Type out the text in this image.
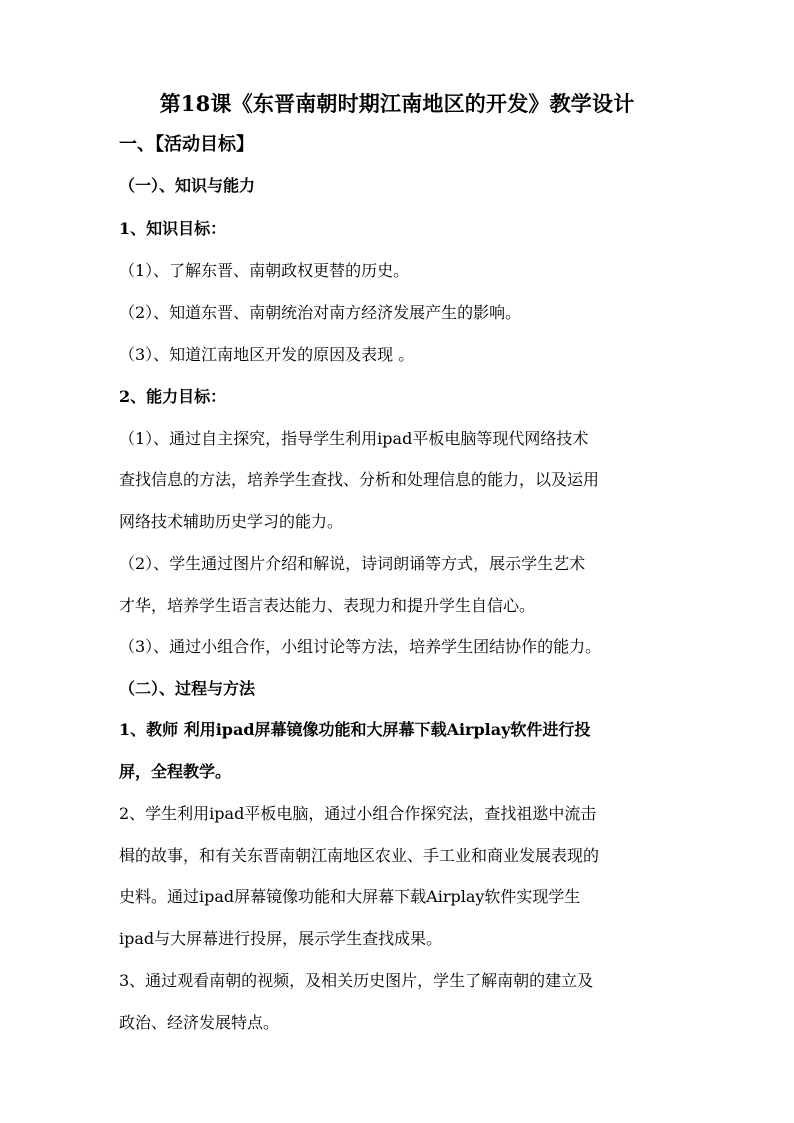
第18课《东晋南朝时期江南地区的开发》教学设计
一、【活动目标】
（一）、知识与能力
1、知识目标：
（1）、了解东晋、南朝政权更替的历史。
（2）、知道东晋、南朝统治对南方经济发展产生的影响。
（3）、知道江南地区开发的原因及表现 。
2、能力目标：
（1）、通过自主探究，指导学生利用ipad平板电脑等现代网络技术
查找信息的方法，培养学生查找、分析和处理信息的能力，以及运用
网络技术辅助历史学习的能力。
（2）、学生通过图片介绍和解说，诗词朗诵等方式，展示学生艺术
才华，培养学生语言表达能力、表现力和提升学生自信心。
（3）、通过小组合作，小组讨论等方法，培养学生团结协作的能力。
（二）、过程与方法
1、教师 利用ipad屏幕镜像功能和大屏幕下载Airplay软件进行投
屏，全程教学。
2、学生利用ipad平板电脑，通过小组合作探究法，查找祖逖中流击
楫的故事，和有关东晋南朝江南地区农业、手工业和商业发展表现的
史料。通过ipad屏幕镜像功能和大屏幕下载Airplay软件实现学生
ipad与大屏幕进行投屏，展示学生查找成果。
3、通过观看南朝的视频，及相关历史图片，学生了解南朝的建立及
政治、经济发展特点。
